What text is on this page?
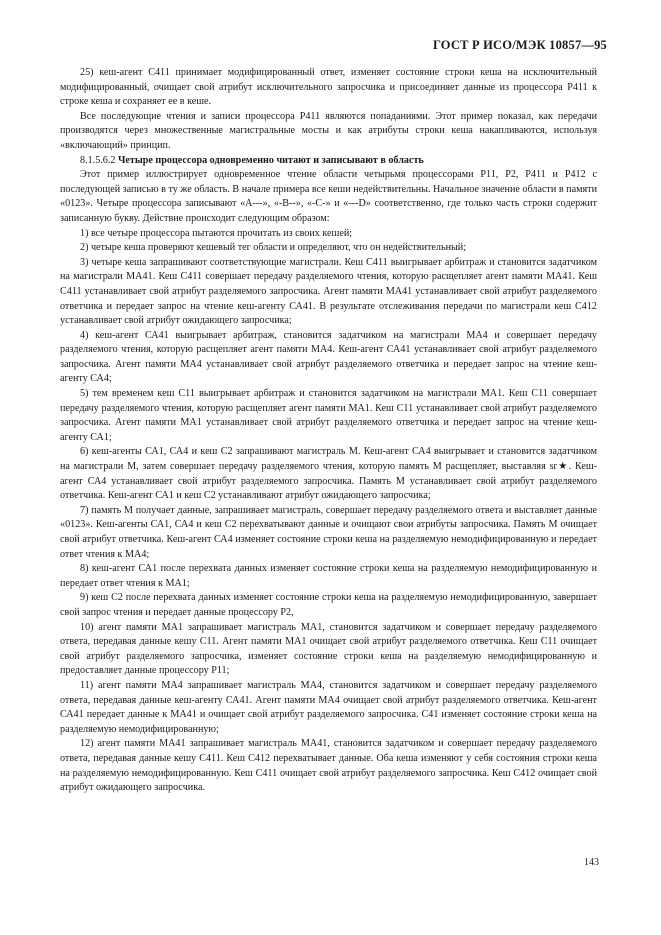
ГОСТ Р ИСО/МЭК 10857—95

25) кеш-агент С411 принимает модифицированный ответ, изменяет состояние строки кеша на исключительный модифицированный, очищает свой атрибут исключительного запросчика и присоединяет данные из процессора Р411 к строке кеша и сохраняет ее в кеше.

Все последующие чтения и записи процессора Р411 являются попаданиями. Этот пример показал, как передачи производятся через множественные магистральные мосты и как атрибуты строки кеша накапливаются, используя «включающий» принцип.

8.1.5.6.2 Четыре процессора одновременно читают и записывают в область

Этот пример иллюстрирует одновременное чтение области четырьмя процессорами Р11, Р2, Р411 и Р412 с последующей записью в ту же область. В начале примера все кеши недействительны. Начальное значение области в памяти «0123». Четыре процессора записывают «А---», «-В--», «-С-» и «---D» соответственно, где только часть строки содержит записанную букву. Действие происходит следующим образом:

1) все четыре процессора пытаются прочитать из своих кешей;

2) четыре кеша проверяют кешевый тег области и определяют, что он недействительный;

3) четыре кеша запрашивают соответствующие магистрали. Кеш С411 выигрывает арбитраж и становится задатчиком на магистрали МА41. Кеш С411 совершает передачу разделяемого чтения, которую расщепляет агент памяти МА41. Кеш С411 устанавливает свой атрибут разделяемого запросчика. Агент памяти МА41 устанавливает свой атрибут разделяемого ответчика и передает запрос на чтение кеш-агенту СА41. В результате отслеживания передачи по магистрали кеш С412 устанавливает свой атрибут ожидающего запросчика;

4) кеш-агент СА41 выигрывает арбитраж, становится задатчиком на магистрали МА4 и совершает передачу разделяемого чтения, которую расщепляет агент памяти МА4. Кеш-агент СА41 устанавливает свой атрибут разделяемого запросчика. Агент памяти МА4 устанавливает свой атрибут разделяемого ответчика и передает запрос на чтение кеш-агенту СА4;

5) тем временем кеш С11 выигрывает арбитраж и становится задатчиком на магистрали МА1. Кеш С11 совершает передачу разделяемого чтения, которую расщепляет агент памяти МА1. Кеш С11 устанавливает свой атрибут разделяемого запросчика. Агент памяти МА1 устанавливает свой атрибут разделяемого ответчика и передает запрос на чтение кеш-агенту СА1;

6) кеш-агенты СА1, СА4 и кеш С2 запрашивают магистраль М. Кеш-агент СА4 выигрывает и становится задатчиком на магистрали М, затем совершает передачу разделяемого чтения, которую память М расщепляет, выставляя sr★. Кеш-агент СА4 устанавливает свой атрибут разделяемого запросчика. Память М устанавливает свой атрибут разделяемого ответчика. Кеш-агент СА1 и кеш С2 устанавливают атрибут ожидающего запросчика;

7) память М получает данные, запрашивает магистраль, совершает передачу разделяемого ответа и выставляет данные «0123». Кеш-агенты СА1, СА4 и кеш С2 перехватывают данные и очищают свои атрибуты запросчика. Память М очищает свой атрибут ответчика. Кеш-агент СА4 изменяет состояние строки кеша на разделяемую немодифицированную и передает ответ чтения к МА4;

8) кеш-агент СА1 после перехвата данных изменяет состояние строки кеша на разделяемую немодифицированную и передает ответ чтения к МА1;

9) кеш С2 после перехвата данных изменяет состояние строки кеша на разделяемую немодифицированную, завершает свой запрос чтения и передает данные процессору Р2,

10) агент памяти МА1 запрашивает магистраль МА1, становится задатчиком и совершает передачу разделяемого ответа, передавая данные кешу С11. Агент памяти МА1 очищает свой атрибут разделяемого ответчика. Кеш С11 очищает свой атрибут разделяемого запросчика, изменяет состояние строки кеша на разделяемую немодифицированную и предоставляет данные процессору Р11;

11) агент памяти МА4 запрашивает магистраль МА4, становится задатчиком и совершает передачу разделяемого ответа, передавая данные кеш-агенту СА41. Агент памяти МА4 очищает свой атрибут разделяемого ответчика. Кеш-агент СА41 передает данные к МА41 и очищает свой атрибут разделяемого запросчика. С41 изменяет состояние строки кеша на разделяемую немодифицированную;

12) агент памяти МА41 запрашивает магистраль МА41, становится задатчиком и совершает передачу разделяемого ответа, передавая данные кешу С411. Кеш С412 перехватывает данные. Оба кеша изменяют у себя состояния строки кеша на разделяемую немодифицированную. Кеш С411 очищает свой атрибут разделяемого запросчика. Кеш С412 очищает свой атрибут ожидающего запросчика.

143
